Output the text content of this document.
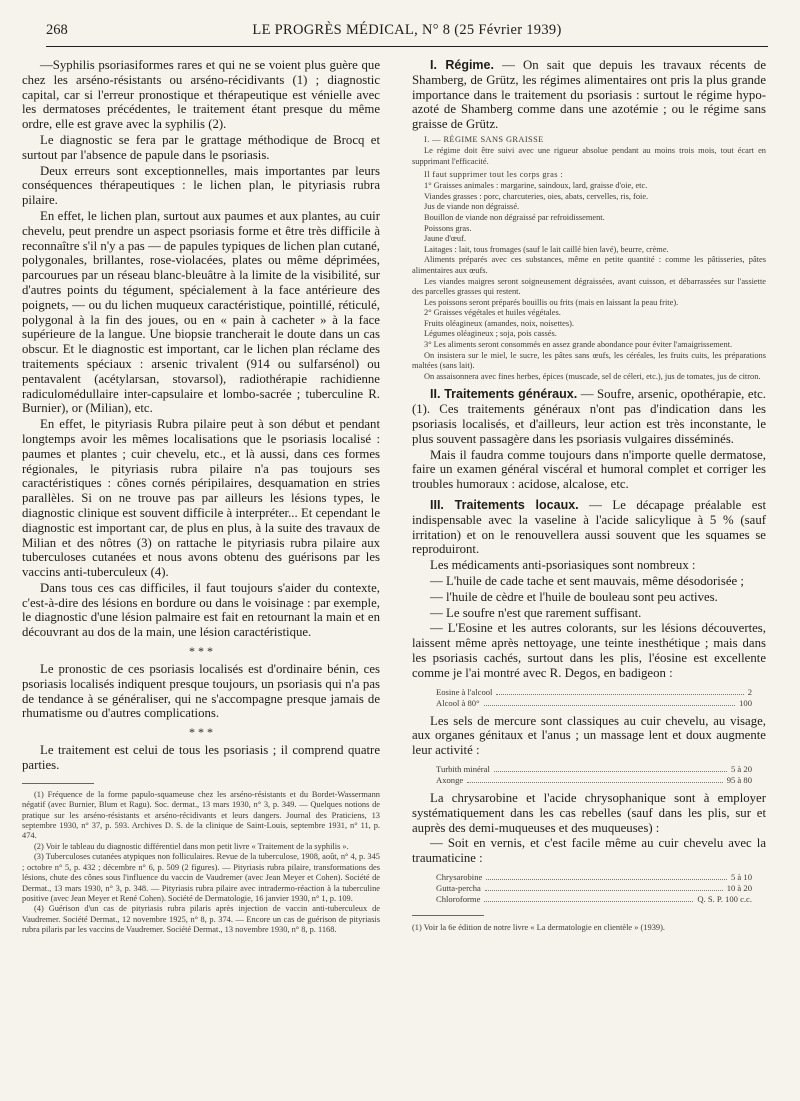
268	LE PROGRÈS MÉDICAL, N° 8 (25 Février 1939)

—Syphilis psoriasiformes rares et qui ne se voient plus guère que chez les arséno-résistants ou arséno-récidivants (1) ; diagnostic capital, car si l'erreur pronostique et thérapeutique est vénielle avec les dermatoses précédentes, le traitement étant presque du même ordre, elle est grave avec la syphilis (2).

Le diagnostic se fera par le grattage méthodique de Brocq et surtout par l'absence de papule dans le psoriasis.

Deux erreurs sont exceptionnelles, mais importantes par leurs conséquences thérapeutiques : le lichen plan, le pityriasis rubra pilaire.

En effet, le lichen plan, surtout aux paumes et aux plantes, au cuir chevelu, peut prendre un aspect psoriasis forme et être très difficile à reconnaître s'il n'y a pas — de papules typiques de lichen plan cutané, polygonales, brillantes, rose-violacées, plates ou même déprimées, parcourues par un réseau blanc-bleuâtre à la limite de la visibilité, sur d'autres points du tégument, spécialement à la face antérieure des poignets, — ou du lichen muqueux caractéristique, pointillé, réticulé, polygonal à la fin des joues, ou en « pain à cacheter » à la face supérieure de la langue. Une biopsie trancherait le doute dans un cas obscur. Et le diagnostic est important, car le lichen plan réclame des traitements spéciaux : arsenic trivalent (914 ou sulfarsénol) ou pentavalent (acétylarsan, stovarsol), radiothérapie rachidienne radiculomédullaire inter-capsulaire et lombo-sacrée ; tuberculine R. Burnier), or (Milian), etc.

En effet, le pityriasis Rubra pilaire peut à son début et pendant longtemps avoir les mêmes localisations que le psoriasis localisé : paumes et plantes ; cuir chevelu, etc., et là aussi, dans ces formes régionales, le pityriasis rubra pilaire n'a pas toujours ses caractéristiques : cônes cornés péripilaires, desquamation en stries parallèles. Si on ne trouve pas par ailleurs les lésions types, le diagnostic clinique est souvent difficile à interpréter... Et cependant le diagnostic est important car, de plus en plus, à la suite des travaux de Milian et des nôtres (3) on rattache le pityriasis rubra pilaire aux tuberculoses cutanées et nous avons obtenu des guérisons par les vaccins anti-tuberculeux (4).

Dans tous ces cas difficiles, il faut toujours s'aider du contexte, c'est-à-dire des lésions en bordure ou dans le voisinage : par exemple, le diagnostic d'une lésion palmaire est fait en retournant la main et en découvrant au dos de la main, une lésion caractéristique.

* * *

Le pronostic de ces psoriasis localisés est d'ordinaire bénin, ces psoriasis localisés indiquent presque toujours, un psoriasis qui n'a pas de tendance à se généraliser, qui ne s'accompagne presque jamais de rhumatisme ou d'autres complications.

* * *

Le traitement est celui de tous les psoriasis ; il comprend quatre parties.

(1) Fréquence de la forme papulo-squameuse chez les arséno-résistants et du Bordet-Wassermann négatif (avec Burnier, Blum et Ragu). Soc. dermat., 13 mars 1930, n° 3, p. 349. — Quelques notions de pratique sur les arséno-résistants et arséno-récidivants et leurs dangers. Journal des Praticiens, 13 septembre 1930, n° 37, p. 593. Archives D. S. de la clinique de Saint-Louis, septembre 1931, n° 11, p. 474.

(2) Voir le tableau du diagnostic différentiel dans mon petit livre « Traitement de la syphilis ».

(3) Tuberculoses cutanées atypiques non folliculaires. Revue de la tuberculose, 1908, août, n° 4, p. 345 ; octobre n° 5, p. 432 ; décembre n° 6, p. 509 (2 figures). — Pityriasis rubra pilaire, transformations des lésions, chute des cônes sous l'influence du vaccin de Vaudremer (avec Jean Meyer et Cohen). Société de Dermat., 13 mars 1930, n° 3, p. 348. — Pityriasis rubra pilaire avec intradermo-réaction à la tuberculine positive (avec Jean Meyer et René Cohen). Société de Dermatologie, 16 janvier 1930, n° 1, p. 109.

(4) Guérison d'un cas de pityriasis rubra pilaris après injection de vaccin anti-tuberculeux de Vaudremer. Société Dermat., 12 novembre 1925, n° 8, p. 374. — Encore un cas de guérison de pityriasis rubra pilaris par les vaccins de Vaudremer. Société Dermat., 13 novembre 1930, n° 8, p. 1168.

I. Régime. — On sait que depuis les travaux récents de Shamberg, de Grütz, les régimes alimentaires ont pris la plus grande importance dans le traitement du psoriasis : surtout le régime hypo-azoté de Shamberg comme dans une azotémie ; ou le régime sans graisse de Grütz.

I. — RÉGIME SANS GRAISSE

Le régime doit être suivi avec une rigueur absolue pendant au moins trois mois, tout écart en supprimant l'efficacité.

Il faut supprimer tout les corps gras :

1° Graisses animales : margarine, saindoux, lard, graisse d'oie, etc.

Viandes grasses : porc, charcuteries, oies, abats, cervelles, ris, foie.

Jus de viande non dégraissé.

Bouillon de viande non dégraissé par refroidissement.

Poissons gras.

Jaune d'œuf.

Laitages : lait, tous fromages (sauf le lait caillé bien lavé), beurre, crème.

Aliments préparés avec ces substances, même en petite quantité : comme les pâtisseries, pâtes alimentaires aux œufs.

Les viandes maigres seront soigneusement dégraissées, avant cuisson, et débarrassées sur l'assiette des parcelles grasses qui restent.

Les poissons seront préparés bouillis ou frits (mais en laissant la peau frite).

2° Graisses végétales et huiles végétales.

Fruits oléagineux (amandes, noix, noisettes).

Légumes oléagineux ; soja, pois cassés.

3° Les aliments seront consommés en assez grande abondance pour éviter l'amaigrissement.

On insistera sur le miel, le sucre, les pâtes sans œufs, les céréales, les fruits cuits, les préparations maltées (sans lait).

On assaisonnera avec fines herbes, épices (muscade, sel de céleri, etc.), jus de tomates, jus de citron.

II. Traitements généraux. — Soufre, arsenic, opothérapie, etc. (1). Ces traitements généraux n'ont pas d'indication dans les psoriasis localisés, et d'ailleurs, leur action est très inconstante, le plus souvent passagère dans les psoriasis vulgaires disséminés.

Mais il faudra comme toujours dans n'importe quelle dermatose, faire un examen général viscéral et humoral complet et corriger les troubles humoraux : acidose, alcalose, etc.

III. Traitements locaux. — Le décapage préalable est indispensable avec la vaseline à l'acide salicylique à 5 % (sauf irritation) et on le renouvellera aussi souvent que les squames se reproduiront.

Les médicaments anti-psoriasiques sont nombreux :

— L'huile de cade tache et sent mauvais, même désodorisée ;

— l'huile de cèdre et l'huile de bouleau sont peu actives.

— Le soufre n'est que rarement suffisant.

— L'Eosine et les autres colorants, sur les lésions découvertes, laissent même après nettoyage, une teinte inesthétique ; mais dans les psoriasis cachés, surtout dans les plis, l'éosine est excellente comme je l'ai montré avec R. Degos, en badigeon :

Eosine à l'alcool	2
Alcool à 80°	100

Les sels de mercure sont classiques au cuir chevelu, au visage, aux organes génitaux et l'anus ; un massage lent et doux augmente leur activité :

Turbith minéral	5 à 20
Axonge	95 à 80

La chrysarobine et l'acide chrysophanique sont à employer systématiquement dans les cas rebelles (sauf dans les plis, sur et auprès des demi-muqueuses et des muqueuses) :

— Soit en vernis, et c'est facile même au cuir chevelu avec la traumaticine :

Chrysarobine	5 à 10
Gutta-percha	10 à 20
Chloroforme	Q. S. P. 100 c.c.

(1) Voir la 6e édition de notre livre « La dermatologie en clientèle » (1939).
